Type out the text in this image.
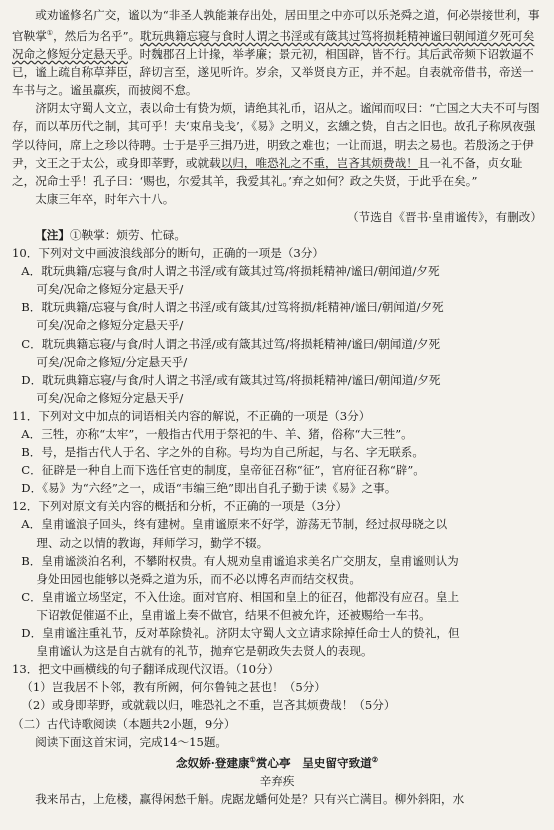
或劝谧修名广交，谧以为“非圣人孰能兼存出处，居田里之中亦可以乐尧舜之道，何必崇接世利，事官鞅掌①，然后为名乎”。耽玩典籍忘寝与食时人谓之书淫或有箴其过笃将损耗精神谧曰朝闻道夕死可矣况命之修短分定悬天乎。时魏郡召上计掾，举孝廉；景元初，相国辟，皆不行。其后武帝频下诏敦逼不已，谧上疏自称草莽臣，辞切言至，遂见听许。岁余，又举贤良方正，并不起。自表就帝借书，帝送一车书与之。谧虽羸疾，而披阅不怠。

济阴太守蜀人文立，表以命士有贽为烦，请绝其礼币，诏从之。谧闻而叹曰：“亡国之大夫不可与图存，而以革历代之制，其可乎！夫‘束帛戋戋’，《易》之明义，玄纁之贽，自古之旧也。故孔子称夙夜强学以待问，席上之珍以待聘。士于是乎三揖乃进，明致之难也；一让而退，明去之易也。若殷汤之于伊尹，文王之于太公，或身即莘野，或就载以归，唯恐礼之不重，岂吝其烦费哉！且一礼不备，贞女耻之，况命士乎！孔子曰：‘赐也，尔爱其羊，我爱其礼。’弃之如何？政之失贤，于此乎在矣。”

太康三年卒，时年六十八。

（节选自《晋书·皇甫谧传》，有删改）

【注】①鞅掌：烦劳、忙碌。

10．下列对文中画波浪线部分的断句，正确的一项是（3分）

A．耽玩典籍/忘寝与食/时人谓之书淫/或有箴其过笃/将损耗精神/谧曰/朝闻道/夕死
可矣/况命之修短分定悬天乎/

B．耽玩典籍/忘寝与食/时人谓之书淫/或有箴其/过笃将损/耗精神/谧曰/朝闻道/夕死
可矣/况命之修短分定悬天乎/

C．耽玩典籍忘寝/与食/时人谓之书淫/或有箴其过笃/将损耗精神/谧曰/朝闻道/夕死
可矣/况命之修短/分定悬天乎/

D．耽玩典籍忘寝/与食/时人谓之书淫/或有箴其过笃/将损耗精神/谧曰/朝闻道/夕死
可矣/况命之修短分定悬天乎/

11．下列对文中加点的词语相关内容的解说，不正确的一项是（3分）

A．三牲，亦称“太牢”，一般指古代用于祭祀的牛、羊、猪，俗称“大三牲”。

B．号，是指古代人于名、字之外的自称。号均为自己所起，与名、字无联系。

C．征辟是一种自上而下选任官吏的制度，皇帝征召称“征”，官府征召称“辟”。

D．《易》为“六经”之一，成语“韦编三绝”即出自孔子勤于读《易》之事。

12．下列对原文有关内容的概括和分析，不正确的一项是（3分）

A．皇甫谧浪子回头，终有建树。皇甫谧原来不好学，游荡无节制，经过叔母晓之以
理、动之以情的教诲，拜师学习，勤学不辍。

B．皇甫谧淡泊名利，不攀附权贵。有人规劝皇甫谧追求美名广交朋友，皇甫谧则认为
身处田园也能够以尧舜之道为乐，而不必以博名声而结交权贵。

C．皇甫谧立场坚定，不入仕途。面对官府、相国和皇上的征召，他都没有应召。皇上
下诏敦促催逼不止，皇甫谧上奏不做官，结果不但被允许，还被赐给一车书。

D．皇甫谧注重礼节，反对革除贽礼。济阴太守蜀人文立请求除掉任命士人的贽礼，但
皇甫谧认为这是自古就有的礼节，抛弃它是朝政失去贤人的表现。

13．把文中画横线的句子翻译成现代汉语。（10分）

（1）岂我居不卜邻，教有所阙，何尔鲁钝之甚也！（5分）

（2）或身即莘野，或就载以归，唯恐礼之不重，岂吝其烦费哉！（5分）

（二）古代诗歌阅读（本题共2小题，9分）

阅读下面这首宋词，完成14～15题。

念奴娇·登建康①赏心亭　呈史留守致道②

辛弃疾

我来吊古，上危楼，赢得闲愁千斛。虎踞龙蟠何处是？只有兴亡满目。柳外斜阳，水
